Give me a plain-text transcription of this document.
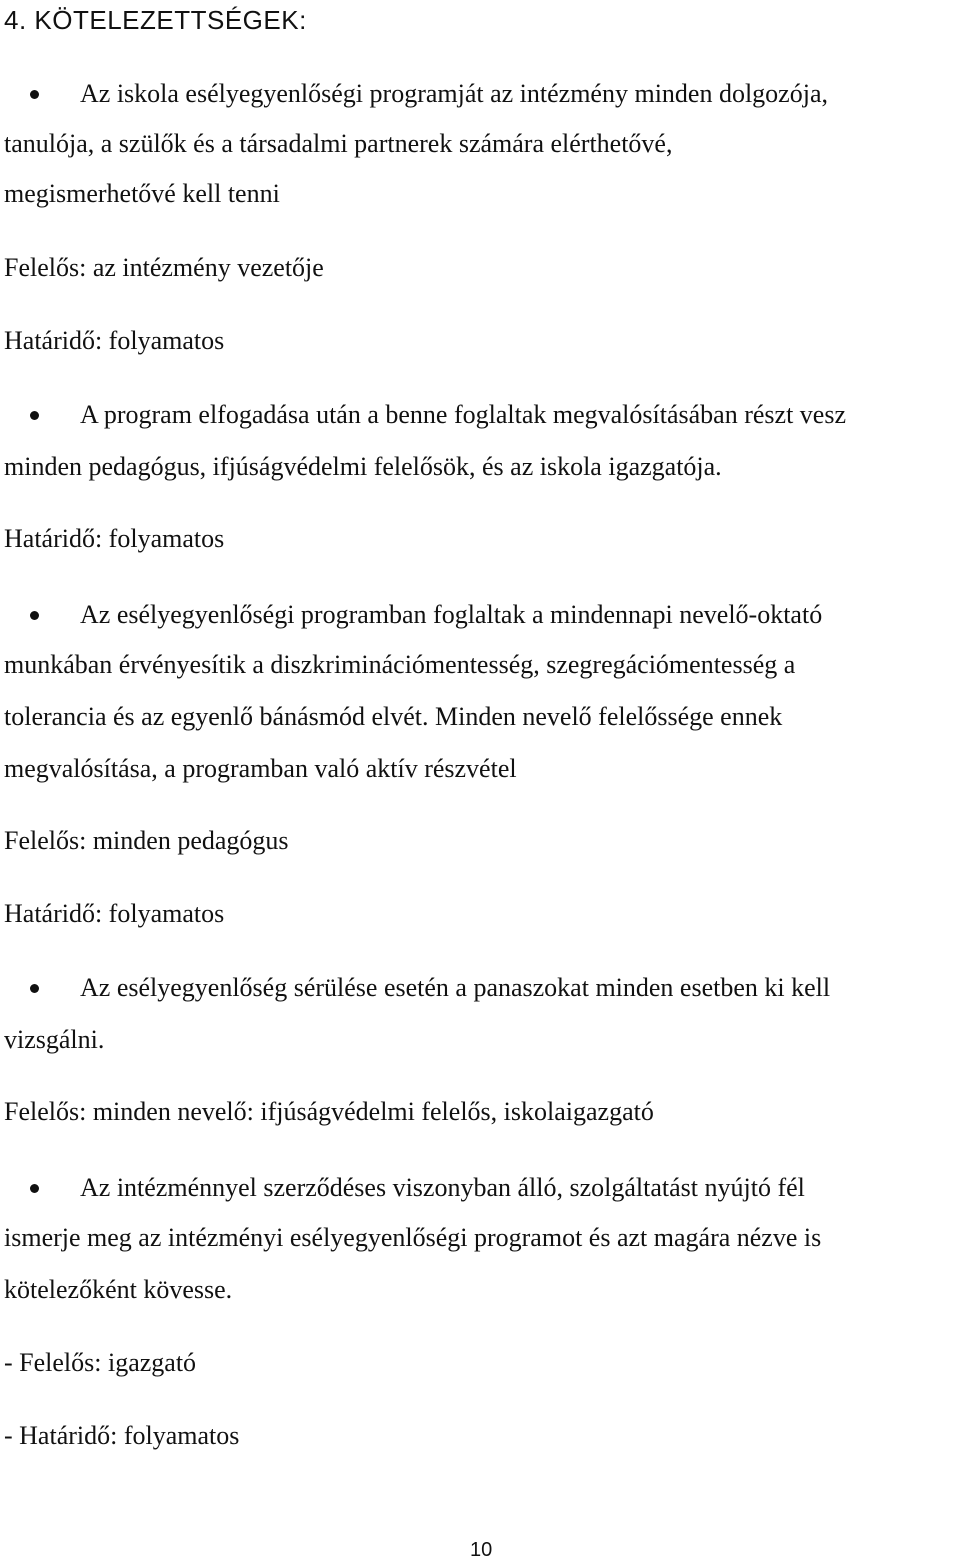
4. KÖTELEZETTSÉGEK:
Az iskola esélyegyenlőségi programját az intézmény minden dolgozója,
tanulója, a szülők és a társadalmi partnerek számára elérthetővé,
megismerhetővé kell tenni
Felelős: az intézmény vezetője
Határidő: folyamatos
A program elfogadása után a benne foglaltak megvalósításában részt vesz
minden pedagógus, ifjúságvédelmi felelősök, és az iskola igazgatója.
Határidő: folyamatos
Az esélyegyenlőségi programban foglaltak a mindennapi nevelő-oktató
munkában érvényesítik a diszkriminációmentesség, szegregációmentesség a
tolerancia és az egyenlő bánásmód elvét. Minden nevelő felelőssége ennek
megvalósítása, a programban való aktív részvétel
Felelős: minden pedagógus
Határidő: folyamatos
Az esélyegyenlőség sérülése esetén a panaszokat minden esetben ki kell
vizsgálni.
Felelős: minden nevelő: ifjúságvédelmi felelős, iskolaigazgató
Az intézménnyel szerződéses viszonyban álló, szolgáltatást nyújtó fél
ismerje meg az intézményi esélyegyenlőségi programot és azt magára nézve is
kötelezőként kövesse.
- Felelős: igazgató
- Határidő: folyamatos
10
